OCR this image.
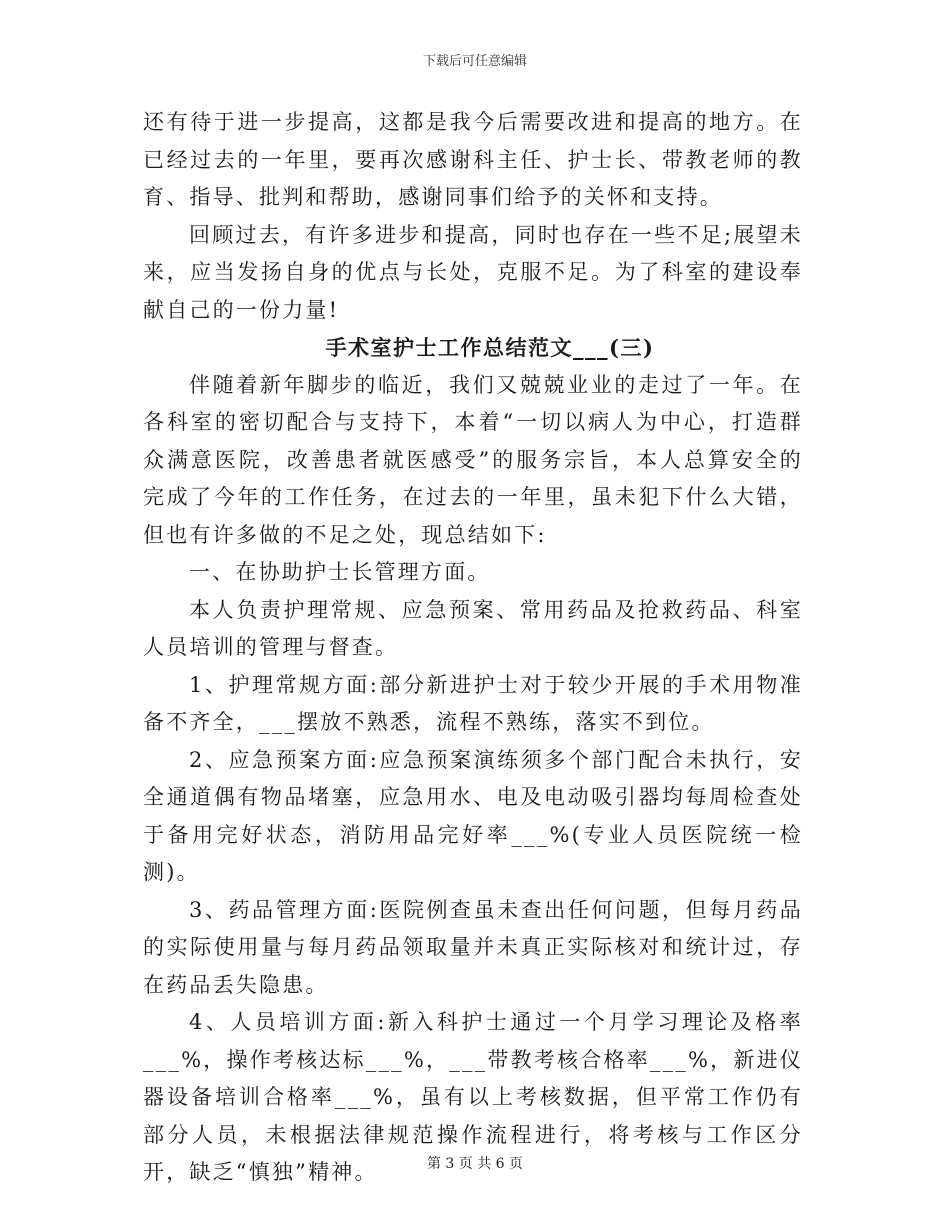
下载后可任意编辑

还有待于进一步提高，这都是我今后需要改进和提高的地方。在已经过去的一年里，要再次感谢科主任、护士长、带教老师的教育、指导、批判和帮助，感谢同事们给予的关怀和支持。

回顾过去，有许多进步和提高，同时也存在一些不足;展望未来，应当发扬自身的优点与长处，克服不足。为了科室的建设奉献自己的一份力量!

手术室护士工作总结范文___(三)

伴随着新年脚步的临近，我们又兢兢业业的走过了一年。在各科室的密切配合与支持下，本着“一切以病人为中心，打造群众满意医院，改善患者就医感受”的服务宗旨，本人总算安全的完成了今年的工作任务，在过去的一年里，虽未犯下什么大错，但也有许多做的不足之处，现总结如下:

一、在协助护士长管理方面。

本人负责护理常规、应急预案、常用药品及抢救药品、科室人员培训的管理与督查。

1、护理常规方面:部分新进护士对于较少开展的手术用物准备不齐全，___摆放不熟悉，流程不熟练，落实不到位。

2、应急预案方面:应急预案演练须多个部门配合未执行，安全通道偶有物品堵塞，应急用水、电及电动吸引器均每周检查处于备用完好状态，消防用品完好率___%(专业人员医院统一检测)。

3、药品管理方面:医院例查虽未查出任何问题，但每月药品的实际使用量与每月药品领取量并未真正实际核对和统计过，存在药品丢失隐患。

4、人员培训方面:新入科护士通过一个月学习理论及格率___%，操作考核达标___%，___带教考核合格率___%，新进仪器设备培训合格率___%，虽有以上考核数据，但平常工作仍有部分人员，未根据法律规范操作流程进行，将考核与工作区分开，缺乏“慎独”精神。	第 3 页 共 6 页
